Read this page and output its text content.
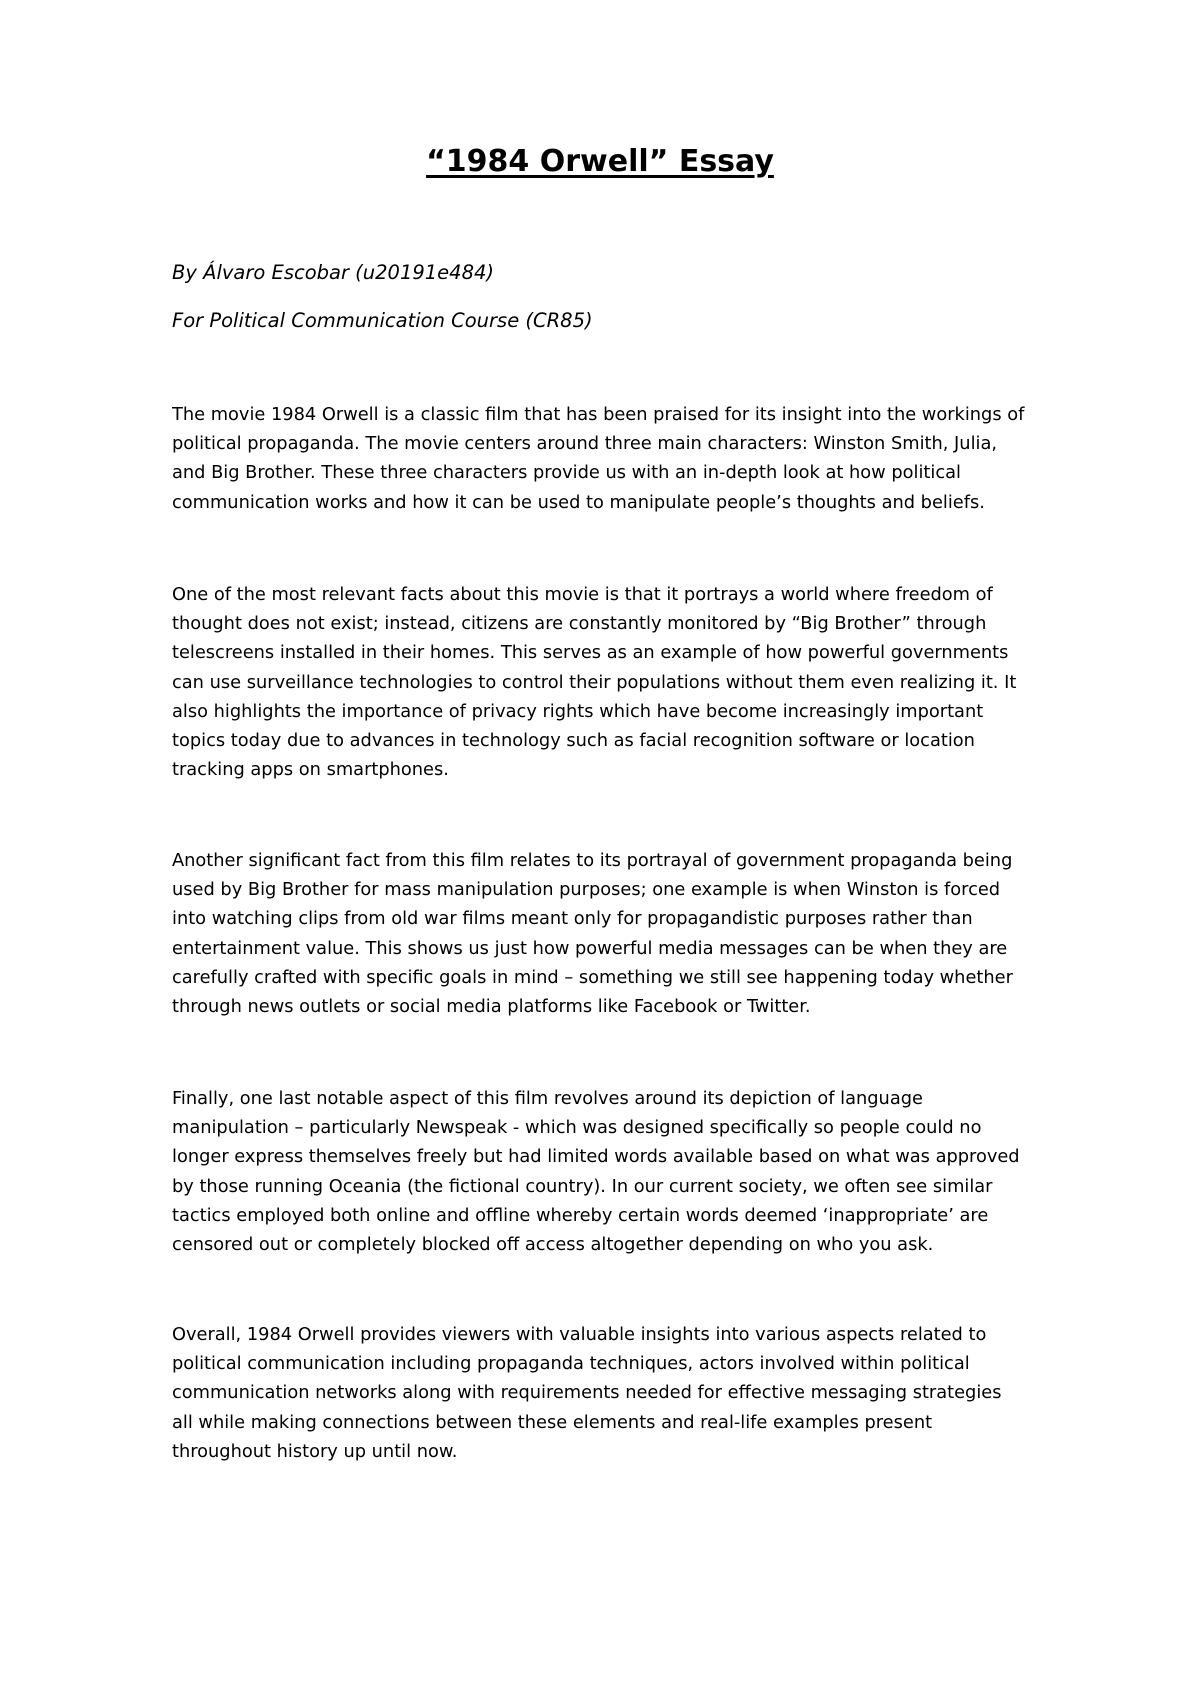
“1984 Orwell” Essay

By Álvaro Escobar (u20191e484)

For Political Communication Course (CR85)

The movie 1984 Orwell is a classic film that has been praised for its insight into the workings of
political propaganda. The movie centers around three main characters: Winston Smith, Julia,
and Big Brother. These three characters provide us with an in-depth look at how political
communication works and how it can be used to manipulate people’s thoughts and beliefs.
One of the most relevant facts about this movie is that it portrays a world where freedom of
thought does not exist; instead, citizens are constantly monitored by “Big Brother” through
telescreens installed in their homes. This serves as an example of how powerful governments
can use surveillance technologies to control their populations without them even realizing it. It
also highlights the importance of privacy rights which have become increasingly important
topics today due to advances in technology such as facial recognition software or location
tracking apps on smartphones.
Another significant fact from this film relates to its portrayal of government propaganda being
used by Big Brother for mass manipulation purposes; one example is when Winston is forced
into watching clips from old war films meant only for propagandistic purposes rather than
entertainment value. This shows us just how powerful media messages can be when they are
carefully crafted with specific goals in mind – something we still see happening today whether
through news outlets or social media platforms like Facebook or Twitter.
Finally, one last notable aspect of this film revolves around its depiction of language
manipulation – particularly Newspeak - which was designed specifically so people could no
longer express themselves freely but had limited words available based on what was approved
by those running Oceania (the fictional country). In our current society, we often see similar
tactics employed both online and offline whereby certain words deemed ‘inappropriate’ are
censored out or completely blocked off access altogether depending on who you ask.
Overall, 1984 Orwell provides viewers with valuable insights into various aspects related to
political communication including propaganda techniques, actors involved within political
communication networks along with requirements needed for effective messaging strategies
all while making connections between these elements and real-life examples present
throughout history up until now.
